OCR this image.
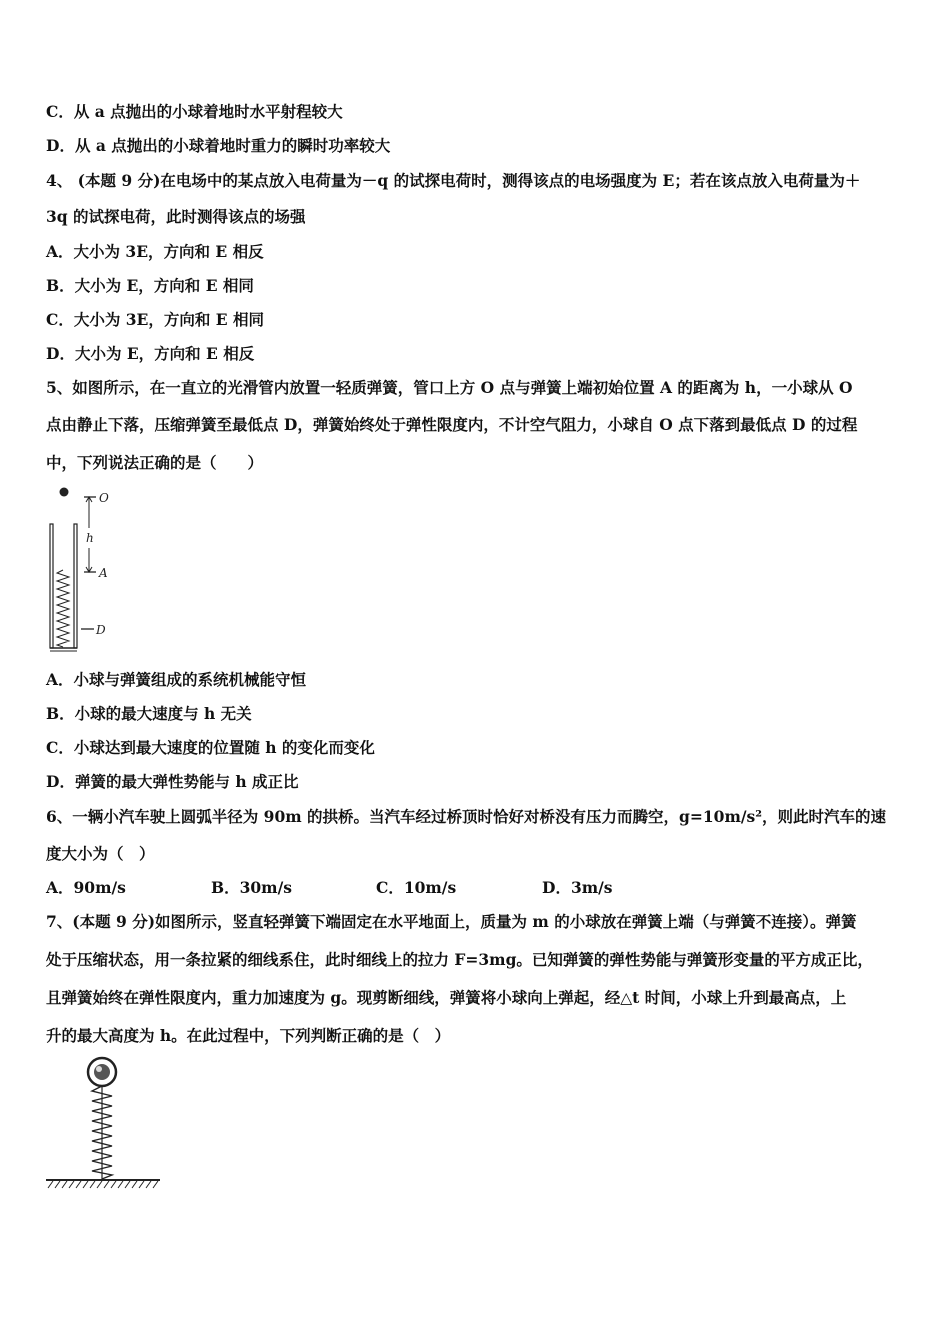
C．从 a 点抛出的小球着地时水平射程较大
D．从 a 点抛出的小球着地时重力的瞬时功率较大
4、 (本题 9 分)在电场中的某点放入电荷量为－q 的试探电荷时，测得该点的电场强度为 E；若在该点放入电荷量为＋
3q 的试探电荷，此时测得该点的场强
A．大小为 3E，方向和 E 相反
B．大小为 E，方向和 E 相同
C．大小为 3E，方向和 E 相同
D．大小为 E，方向和 E 相反
5、如图所示，在一直立的光滑管内放置一轻质弹簧，管口上方 O 点与弹簧上端初始位置 A 的距离为 h，一小球从 O
点由静止下落，压缩弹簧至最低点 D，弹簧始终处于弹性限度内，不计空气阻力，小球自 O 点下落到最低点 D 的过程
中，下列说法正确的是（　　）
O
h
A
D
A．小球与弹簧组成的系统机械能守恒
B．小球的最大速度与 h 无关
C．小球达到最大速度的位置随 h 的变化而变化
D．弹簧的最大弹性势能与 h 成正比
6、一辆小汽车驶上圆弧半径为 90m 的拱桥。当汽车经过桥顶时恰好对桥没有压力而腾空，g=10m/s²，则此时汽车的速
度大小为（　）
A．90m/s	B．30m/s	C．10m/s	D．3m/s
7、(本题 9 分)如图所示，竖直轻弹簧下端固定在水平地面上，质量为 m 的小球放在弹簧上端（与弹簧不连接）。弹簧
处于压缩状态，用一条拉紧的细线系住，此时细线上的拉力 F=3mg。已知弹簧的弹性势能与弹簧形变量的平方成正比，
且弹簧始终在弹性限度内，重力加速度为 g。现剪断细线，弹簧将小球向上弹起，经△t 时间，小球上升到最高点，上
升的最大高度为 h。在此过程中，下列判断正确的是（　）
